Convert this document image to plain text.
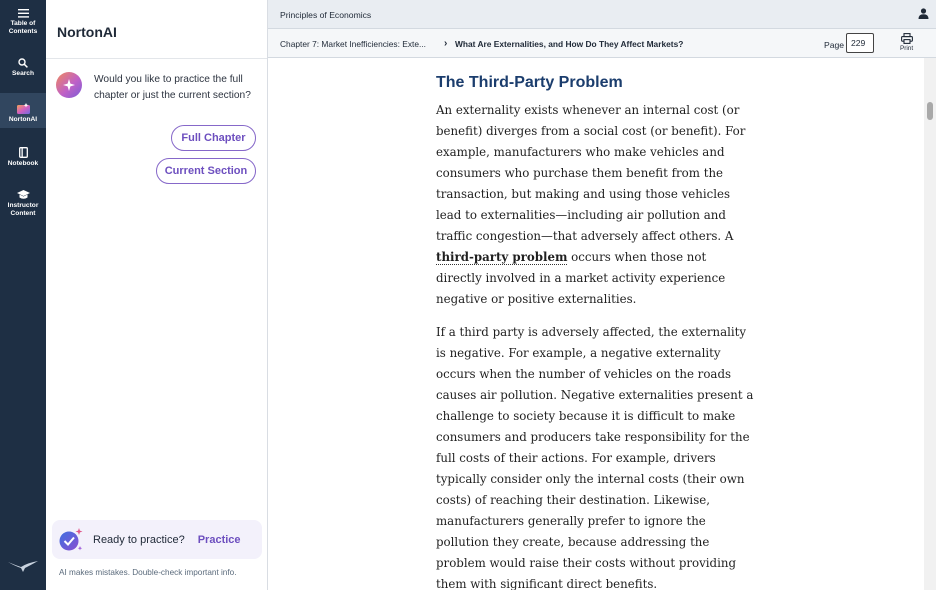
Table of
Contents
Search
NortonAI
Notebook
Instructor
Content
NortonAI
Would you like to practice the full chapter or just the current section?
Full Chapter
Current Section
Ready to practice? Practice
AI makes mistakes. Double-check important info.
Principles of Economics
Chapter 7: Market Inefficiencies: Exte... › What Are Externalities, and How Do They Affect Markets?	Page
229	Print
The Third-Party Problem

An externality exists whenever an internal cost (or benefit) diverges from a social cost (or benefit). For example, manufacturers who make vehicles and consumers who purchase them benefit from the transaction, but making and using those vehicles lead to externalities—including air pollution and traffic congestion—that adversely affect others. A third-party problem occurs when those not directly involved in a market activity experience negative or positive externalities.

If a third party is adversely affected, the externality is negative. For example, a negative externality occurs when the number of vehicles on the roads causes air pollution. Negative externalities present a challenge to society because it is difficult to make consumers and producers take responsibility for the full costs of their actions. For example, drivers typically consider only the internal costs (their own costs) of reaching their destination. Likewise, manufacturers generally prefer to ignore the pollution they create, because addressing the problem would raise their costs without providing them with significant direct benefits.
